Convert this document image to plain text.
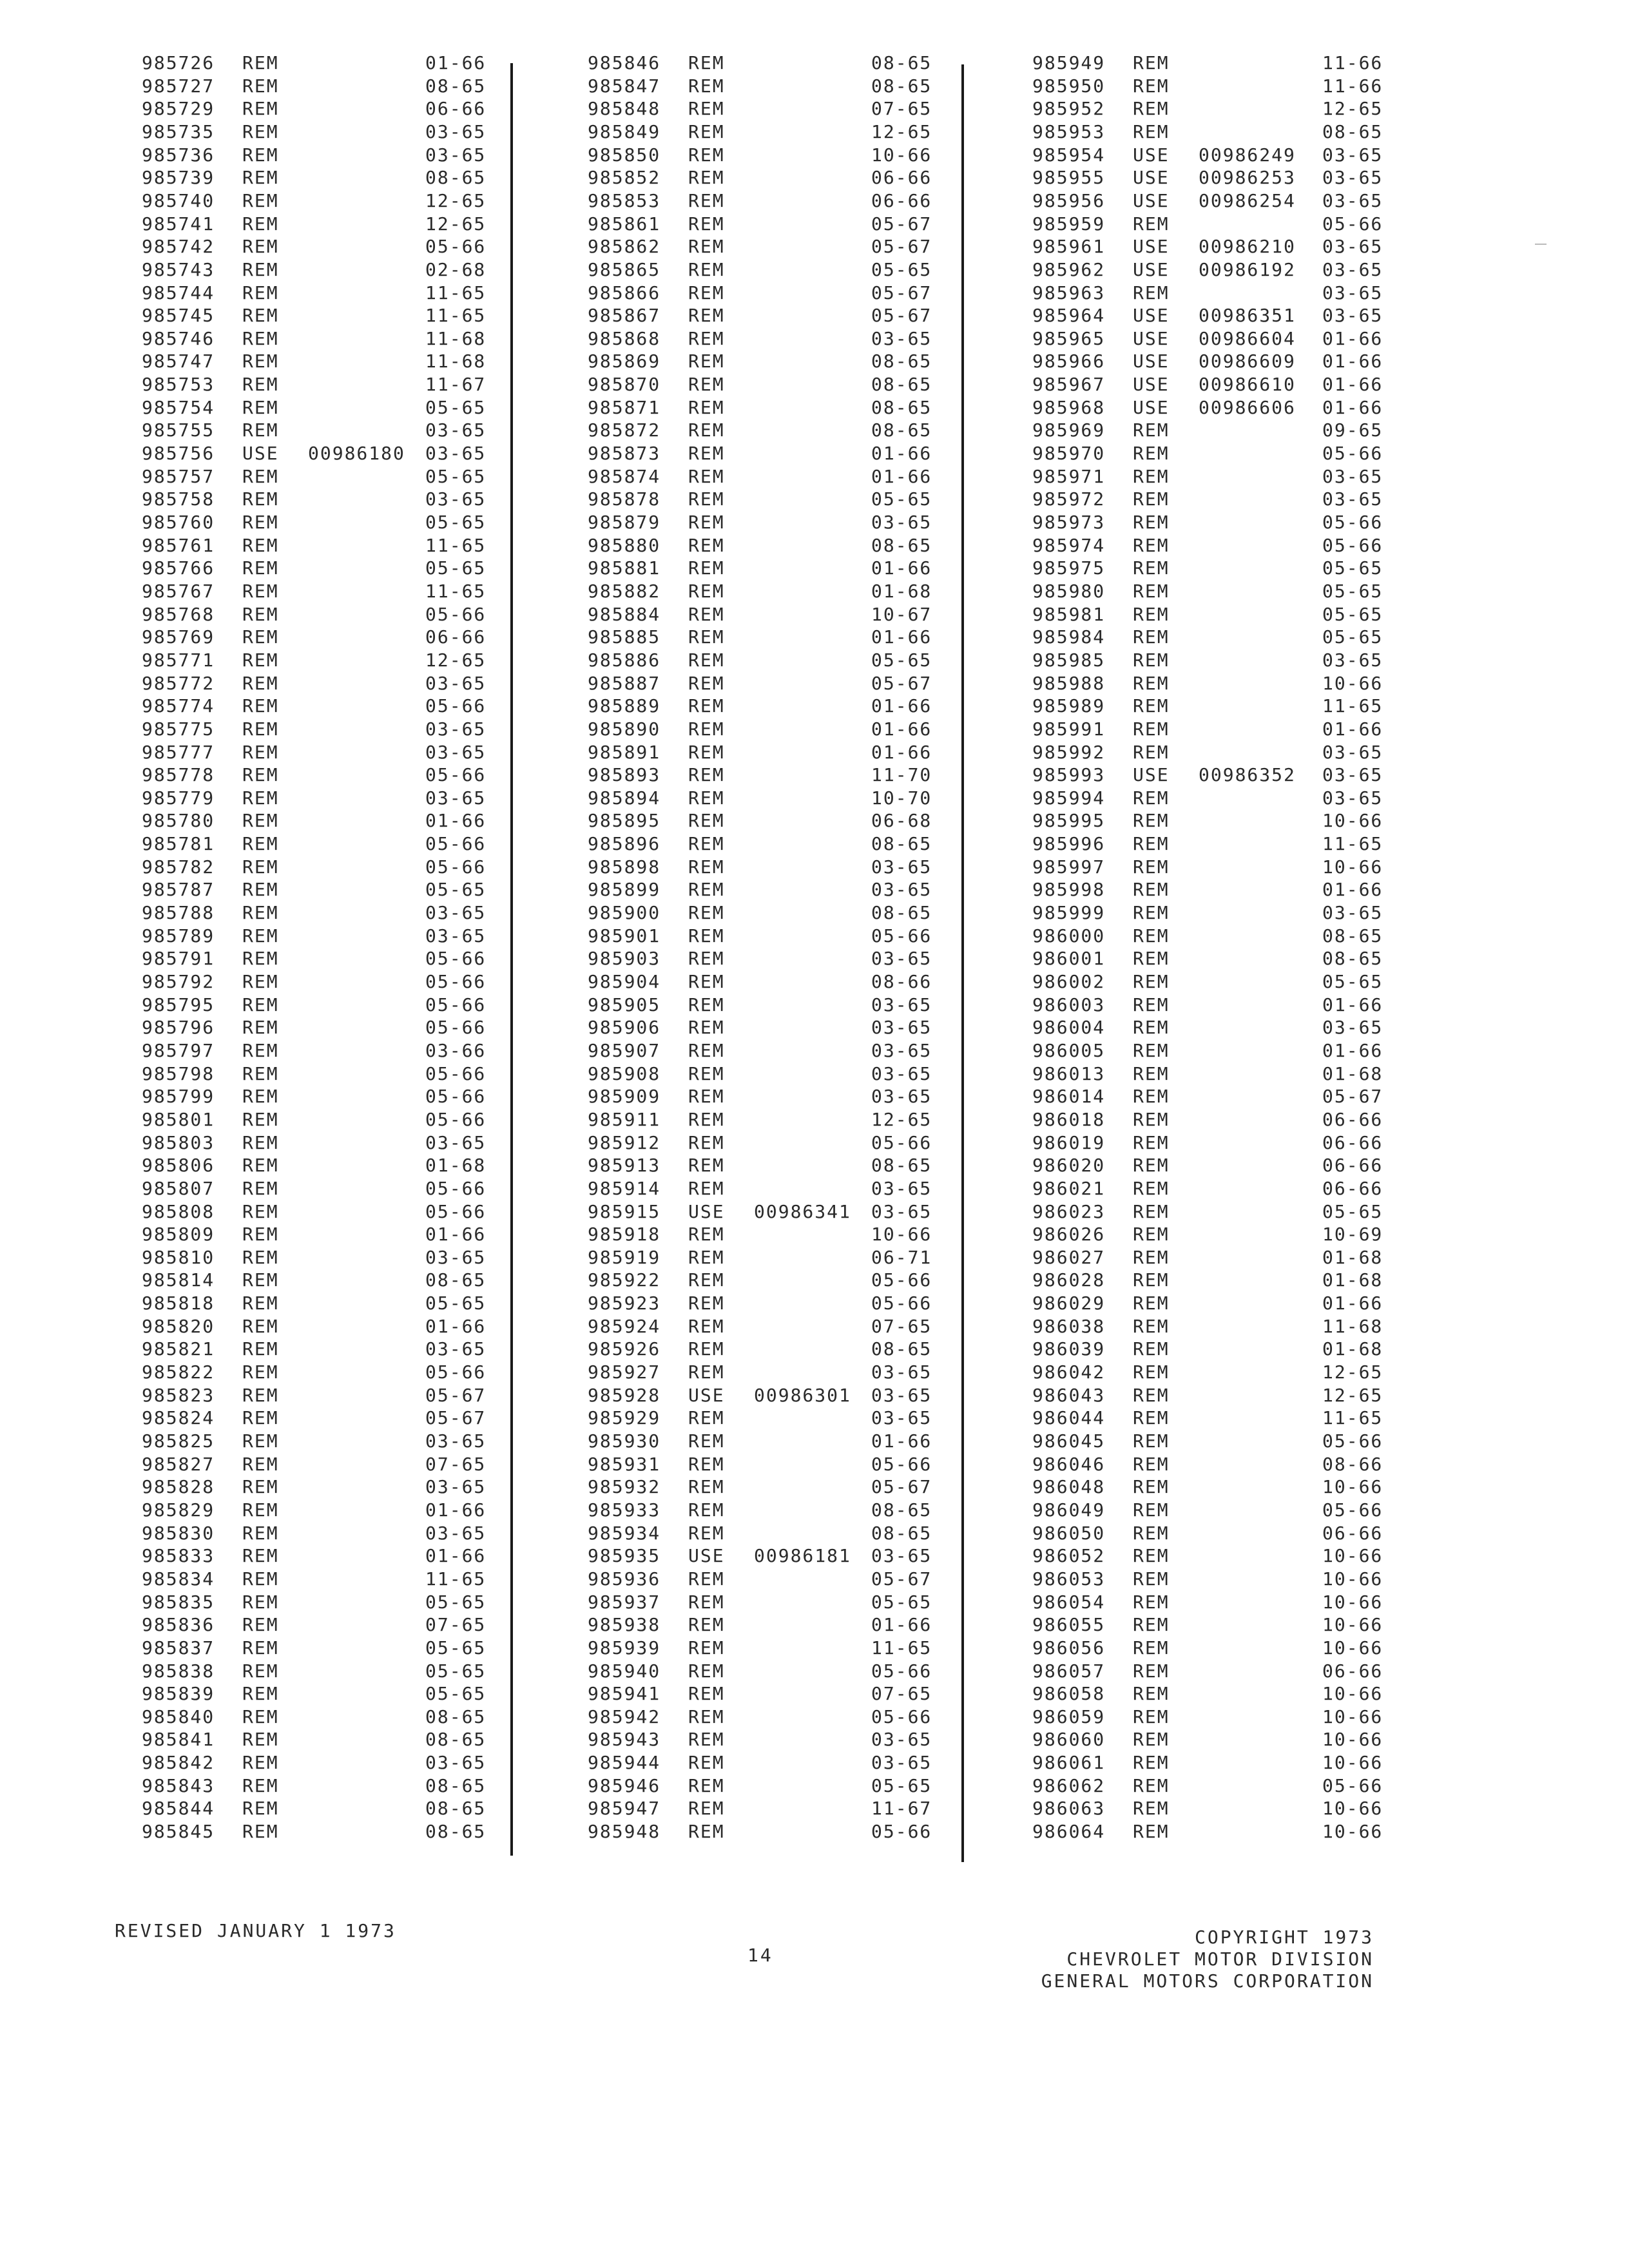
985726 REM	01-66
985727 REM	08-65
985729 REM	06-66
985735 REM	03-65
985736 REM	03-65
985739 REM	08-65
985740 REM	12-65
985741 REM	12-65
985742 REM	05-66
985743 REM	02-68
985744 REM	11-65
985745 REM	11-65
985746 REM	11-68
985747 REM	11-68
985753 REM	11-67
985754 REM	05-65
985755 REM	03-65
985756 USE 00986180 03-65
985757 REM	05-65
985758 REM	03-65
985760 REM	05-65
985761 REM	11-65
985766 REM	05-65
985767 REM	11-65
985768 REM	05-66
985769 REM	06-66
985771 REM	12-65
985772 REM	03-65
985774 REM	05-66
985775 REM	03-65
985777 REM	03-65
985778 REM	05-66
985779 REM	03-65
985780 REM	01-66
985781 REM	05-66
985782 REM	05-66
985787 REM	05-65
985788 REM	03-65
985789 REM	03-65
985791 REM	05-66
985792 REM	05-66
985795 REM	05-66
985796 REM	05-66
985797 REM	03-66
985798 REM	05-66
985799 REM	05-66
985801 REM	05-66
985803 REM	03-65
985806 REM	01-68
985807 REM	05-66
985808 REM	05-66
985809 REM	01-66
985810 REM	03-65
985814 REM	08-65
985818 REM	05-65
985820 REM	01-66
985821 REM	03-65
985822 REM	05-66
985823 REM	05-67
985824 REM	05-67
985825 REM	03-65
985827 REM	07-65
985828 REM	03-65
985829 REM	01-66
985830 REM	03-65
985833 REM	01-66
985834 REM	11-65
985835 REM	05-65
985836 REM	07-65
985837 REM	05-65
985838 REM	05-65
985839 REM	05-65
985840 REM	08-65
985841 REM	08-65
985842 REM	03-65
985843 REM	08-65
985844 REM	08-65
985845 REM	08-65
985846 REM	08-65
985847 REM	08-65
985848 REM	07-65
985849 REM	12-65
985850 REM	10-66
985852 REM	06-66
985853 REM	06-66
985861 REM	05-67
985862 REM	05-67
985865 REM	05-65
985866 REM	05-67
985867 REM	05-67
985868 REM	03-65
985869 REM	08-65
985870 REM	08-65
985871 REM	08-65
985872 REM	08-65
985873 REM	01-66
985874 REM	01-66
985878 REM	05-65
985879 REM	03-65
985880 REM	08-65
985881 REM	01-66
985882 REM	01-68
985884 REM	10-67
985885 REM	01-66
985886 REM	05-65
985887 REM	05-67
985889 REM	01-66
985890 REM	01-66
985891 REM	01-66
985893 REM	11-70
985894 REM	10-70
985895 REM	06-68
985896 REM	08-65
985898 REM	03-65
985899 REM	03-65
985900 REM	08-65
985901 REM	05-66
985903 REM	03-65
985904 REM	08-66
985905 REM	03-65
985906 REM	03-65
985907 REM	03-65
985908 REM	03-65
985909 REM	03-65
985911 REM	12-65
985912 REM	05-66
985913 REM	08-65
985914 REM	03-65
985915 USE 00986341 03-65
985918 REM	10-66
985919 REM	06-71
985922 REM	05-66
985923 REM	05-66
985924 REM	07-65
985926 REM	08-65
985927 REM	03-65
985928 USE 00986301 03-65
985929 REM	03-65
985930 REM	01-66
985931 REM	05-66
985932 REM	05-67
985933 REM	08-65
985934 REM	08-65
985935 USE 00986181 03-65
985936 REM	05-67
985937 REM	05-65
985938 REM	01-66
985939 REM	11-65
985940 REM	05-66
985941 REM	07-65
985942 REM	05-66
985943 REM	03-65
985944 REM	03-65
985946 REM	05-65
985947 REM	11-67
985948 REM	05-66
985949 REM	11-66
985950 REM	11-66
985952 REM	12-65
985953 REM	08-65
985954 USE 00986249 03-65
985955 USE 00986253 03-65
985956 USE 00986254 03-65
985959 REM	05-66
985961 USE 00986210 03-65
985962 USE 00986192 03-65
985963 REM	03-65
985964 USE 00986351 03-65
985965 USE 00986604 01-66
985966 USE 00986609 01-66
985967 USE 00986610 01-66
985968 USE 00986606 01-66
985969 REM	09-65
985970 REM	05-66
985971 REM	03-65
985972 REM	03-65
985973 REM	05-66
985974 REM	05-66
985975 REM	05-65
985980 REM	05-65
985981 REM	05-65
985984 REM	05-65
985985 REM	03-65
985988 REM	10-66
985989 REM	11-65
985991 REM	01-66
985992 REM	03-65
985993 USE 00986352 03-65
985994 REM	03-65
985995 REM	10-66
985996 REM	11-65
985997 REM	10-66
985998 REM	01-66
985999 REM	03-65
986000 REM	08-65
986001 REM	08-65
986002 REM	05-65
986003 REM	01-66
986004 REM	03-65
986005 REM	01-66
986013 REM	01-68
986014 REM	05-67
986018 REM	06-66
986019 REM	06-66
986020 REM	06-66
986021 REM	06-66
986023 REM	05-65
986026 REM	10-69
986027 REM	01-68
986028 REM	01-68
986029 REM	01-66
986038 REM	11-68
986039 REM	01-68
986042 REM	12-65
986043 REM	12-65
986044 REM	11-65
986045 REM	05-66
986046 REM	08-66
986048 REM	10-66
986049 REM	05-66
986050 REM	06-66
986052 REM	10-66
986053 REM	10-66
986054 REM	10-66
986055 REM	10-66
986056 REM	10-66
986057 REM	06-66
986058 REM	10-66
986059 REM	10-66
986060 REM	10-66
986061 REM	10-66
986062 REM	05-66
986063 REM	10-66
986064 REM	10-66
REVISED JANUARY 1 1973
14
COPYRIGHT 1973
CHEVROLET MOTOR DIVISION
GENERAL MOTORS CORPORATION
